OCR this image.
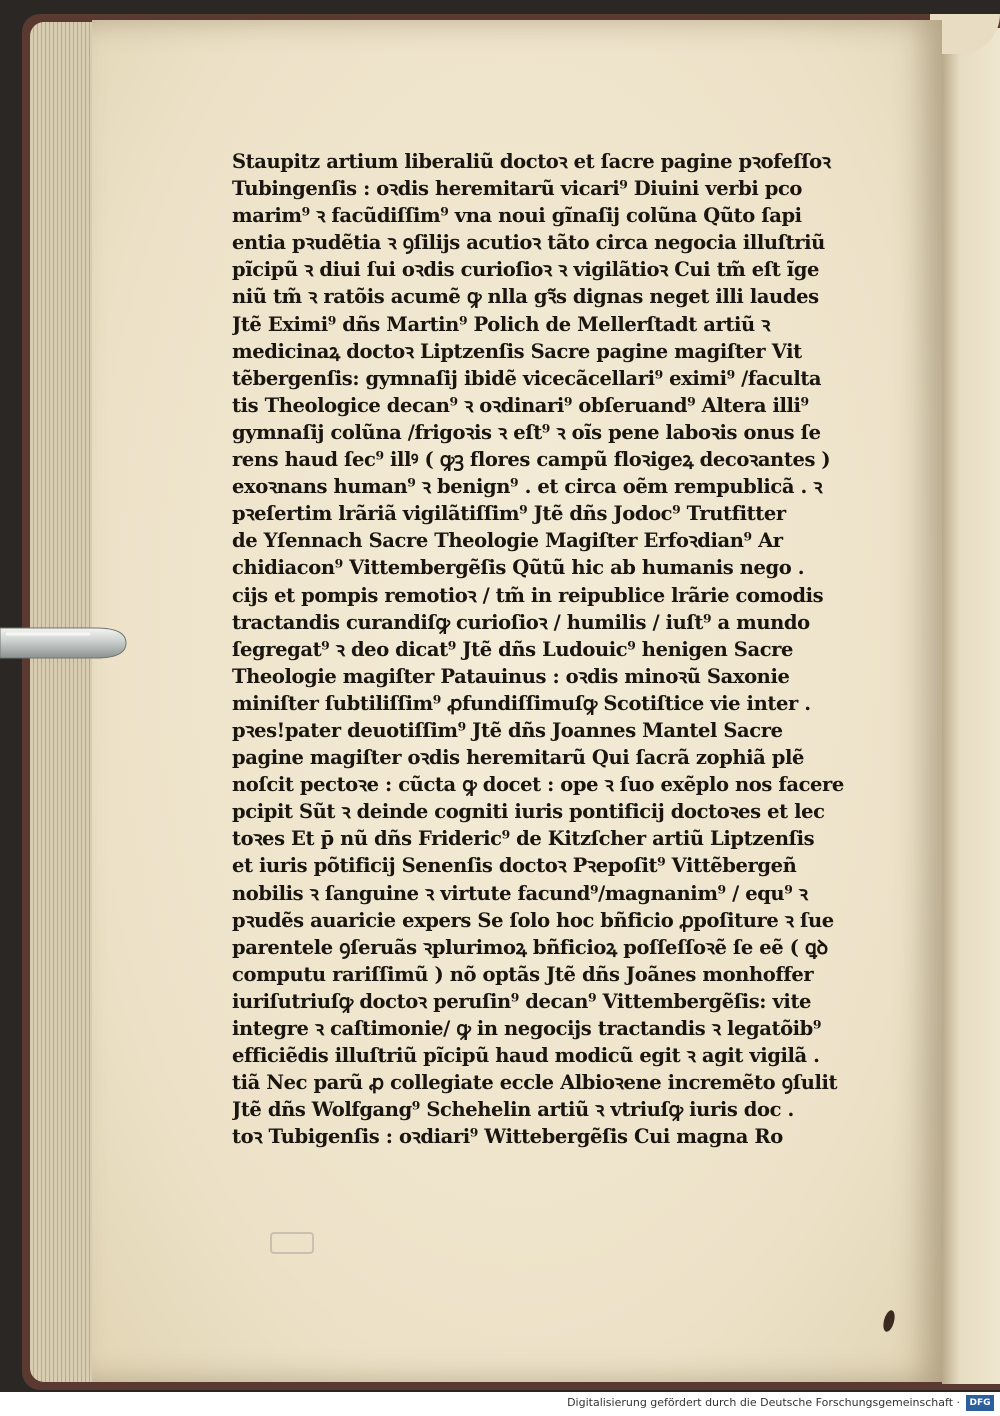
Staupitz artium liberaliũ doctoꝛ et ſacre pagine pꝛofeſſoꝛ
Tubingenſis : oꝛdis heremitarũ vicari⁹ Diuini verbi pco
marim⁹ ꝛ facũdiſſim⁹ vna noui gĩnaſij colũna Qũto ſapi
entia pꝛudẽtia ꝛ ꝯſilijs acutioꝛ tãto circa negocia illuſtriũ
pĩcipũ ꝛ diui ſui oꝛdis curioſioꝛ ꝛ vigilãtioꝛ Cui tm̃ eſt ĩge
niũ tm̃ ꝛ ratõis acumẽ ꝙ nlla gꝛ̃s dignas neget illi laudes
Jtẽ Eximi⁹ dñs Martin⁹ Polich de Mellerſtadt artiũ ꝛ
medicinaꝝ doctoꝛ Liptzenſis Sacre pagine magiſter Vit
tẽbergenſis: gymnaſij ibidẽ vicecãcellari⁹ eximi⁹ /faculta
tis Theologice decan⁹ ꝛ oꝛdinari⁹ obſeruand⁹ Altera illi⁹
gymnaſij colũna /frigoꝛis ꝛ eſt⁹ ꝛ oĩs pene laboꝛis onus ſe
rens haud ſec⁹ illꝰ ( ꝙꝫ flores campũ floꝛigeꝝ decoꝛantes )
exoꝛnans human⁹ ꝛ benign⁹ . et circa oẽm rempublicã . ꝛ
pꝛeſertim lrãriã vigilãtiſſim⁹ Jtẽ dñs Jodoc⁹ Trutfitter
de Yſennach Sacre Theologie Magiſter Erfoꝛdian⁹ Ar
chidiacon⁹ Vittembergẽſis Qũtũ hic ab humanis nego .
cijs et pompis remotioꝛ / tm̃ in reipublice lrãrie comodis
tractandis curandiſꝙ curioſioꝛ / humilis / iuſt⁹ a mundo
ſegregat⁹ ꝛ deo dicat⁹ Jtẽ dñs Ludouic⁹ henigen Sacre
Theologie magiſter Patauinus : oꝛdis minoꝛũ Saxonie
miniſter ſubtiliſſim⁹ ꝓfundiſſimuſꝙ Scotiſtice vie inter .
pꝛes!pater deuotiſſim⁹ Jtẽ dñs Joannes Mantel Sacre
pagine magiſter oꝛdis heremitarũ Qui ſacrã zophiã plẽ
noſcit pectoꝛe : cũcta ꝙ docet : ope ꝛ ſuo exẽplo nos facere
pcipit Sũt ꝛ deinde cogniti iuris pontificij doctoꝛes et lec
toꝛes Et p̄ nũ dñs Frideric⁹ de Kitzſcher artiũ Liptzenſis
et iuris põtificij Senenſis doctoꝛ Pꝛepoſit⁹ Vittẽbergeñ
nobilis ꝛ ſanguine ꝛ virtute facund⁹/magnanim⁹ / equ⁹ ꝛ
pꝛudẽs auaricie expers Se ſolo hoc bñficio ꝓpoſiture ꝛ ſue
parentele ꝯſeruãs ꝛplurimoꝝ bñficioꝝ poſſeſſoꝛẽ ſe eẽ ( ꝗꝺ
computu rariſſimũ ) nõ optãs Jtẽ dñs Joãnes monhoffer
iuriſutriuſꝙ doctoꝛ peruſin⁹ decan⁹ Vittembergẽſis: vite
integre ꝛ caſtimonie/ ꝙ in negocijs tractandis ꝛ legatõib⁹
efficiẽdis illuſtriũ pĩcipũ haud modicũ egit ꝛ agit vigilã .
tiã Nec parũ ꝓ collegiate eccle Albioꝛene incremẽto ꝯſulit
Jtẽ dñs Wolfgang⁹ Schehelin artiũ ꝛ vtriuſꝙ iuris doc .
toꝛ Tubigenſis : oꝛdiari⁹ Wittebergẽſis Cui magna Ro
Digitalisierung gefördert durch die Deutsche Forschungsgemeinschaft ·	DFG
